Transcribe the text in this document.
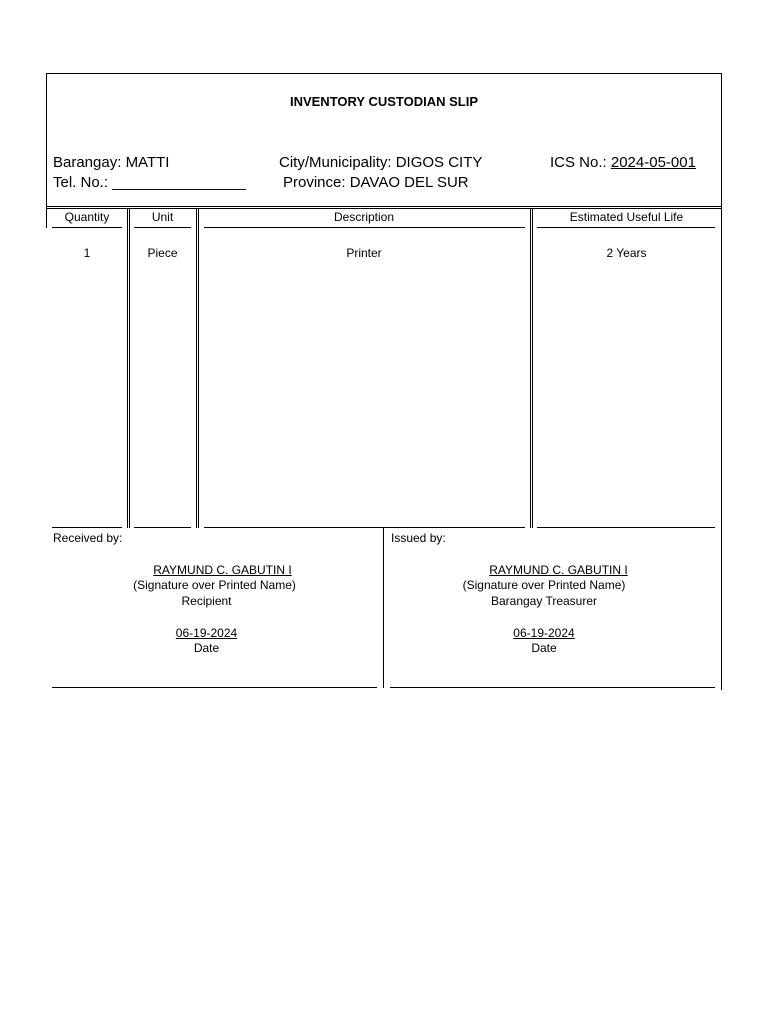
INVENTORY CUSTODIAN SLIP
Barangay: MATTI	City/Municipality: DIGOS CITY	ICS No.: 2024-05-001
Tel. No.: ________________ Province: DAVAO DEL SUR
Quantity	Unit	Description	Estimated Useful Life
1	Piece	Printer	2 Years
Received by:
RAYMUND C. GABUTIN I
(Signature over Printed Name)
Recipient
06-19-2024
Date
Issued by:
RAYMUND C. GABUTIN I
(Signature over Printed Name)
Barangay Treasurer
06-19-2024
Date
